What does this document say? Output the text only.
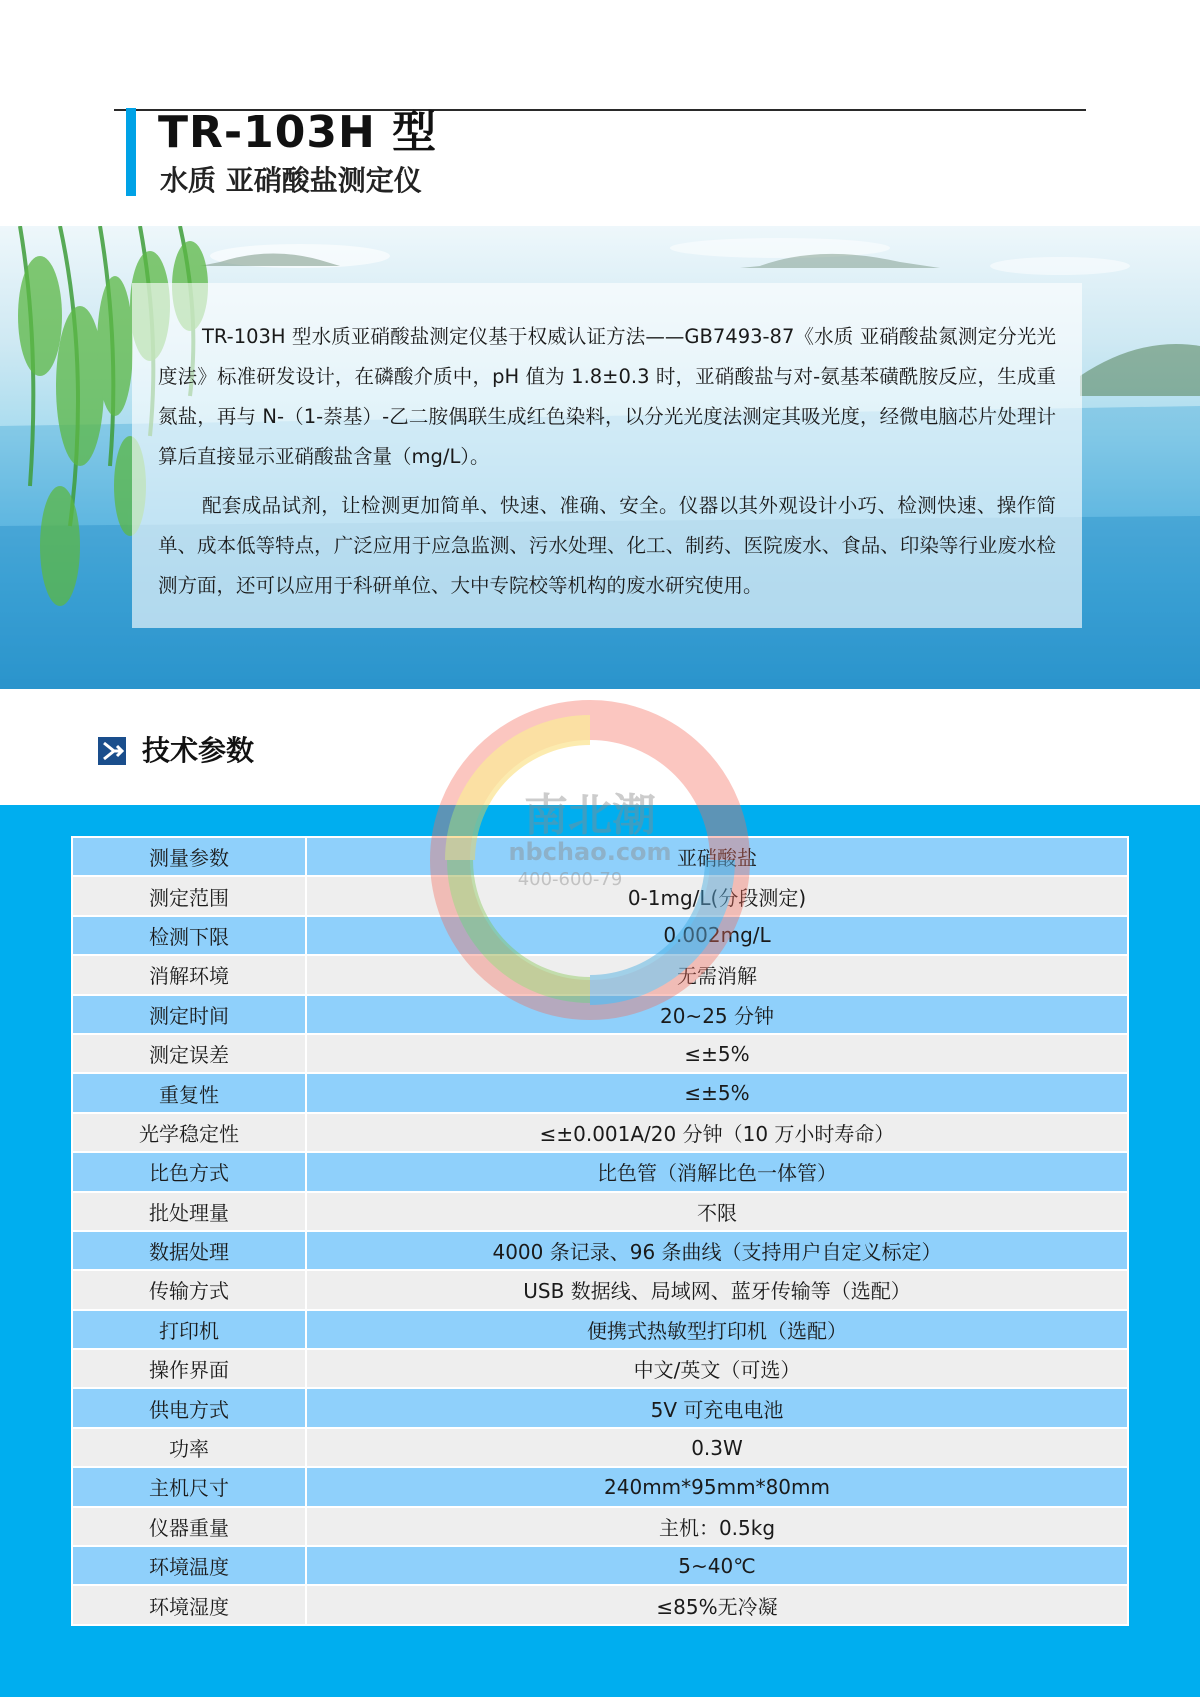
TR-103H 型
水质 亚硝酸盐测定仪

TR-103H 型水质亚硝酸盐测定仪基于权威认证方法——GB7493-87《水质 亚硝酸盐氮测定分光光度法》标准研发设计，在磷酸介质中，pH 值为 1.8±0.3 时，亚硝酸盐与对-氨基苯磺酰胺反应，生成重氮盐，再与 N-（1-萘基）-乙二胺偶联生成红色染料，以分光光度法测定其吸光度，经微电脑芯片处理计算后直接显示亚硝酸盐含量（mg/L）。

配套成品试剂，让检测更加简单、快速、准确、安全。仪器以其外观设计小巧、检测快速、操作简单、成本低等特点，广泛应用于应急监测、污水处理、化工、制药、医院废水、食品、印染等行业废水检测方面，还可以应用于科研单位、大中专院校等机构的废水研究使用。

技术参数
测量参数	亚硝酸盐
测定范围	0-1mg/L(分段测定)
检测下限	0.002mg/L
消解环境	无需消解
测定时间	20~25 分钟
测定误差	≤±5%
重复性	≤±5%
光学稳定性	≤±0.001A/20 分钟（10 万小时寿命）
比色方式	比色管（消解比色一体管）
批处理量	不限
数据处理	4000 条记录、96 条曲线（支持用户自定义标定）
传输方式	USB 数据线、局域网、蓝牙传输等（选配）
打印机	便携式热敏型打印机（选配）
操作界面	中文/英文（可选）
供电方式	5V 可充电电池
功率	0.3W
主机尺寸	240mm*95mm*80mm
仪器重量	主机：0.5kg
环境温度	5~40℃
环境湿度	≤85%无冷凝
南北潮
nbchao.com
400-600-79
